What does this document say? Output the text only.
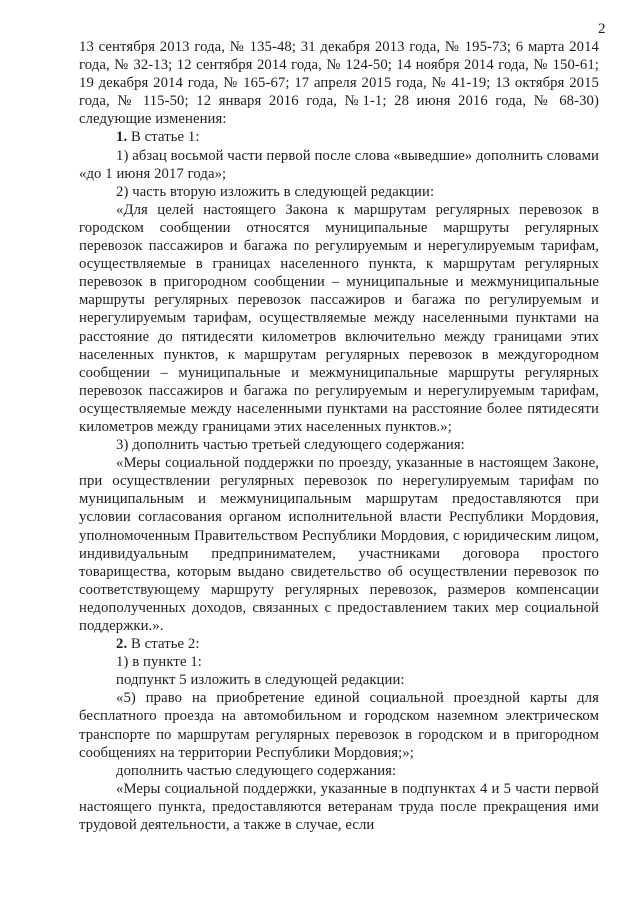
2

13 сентября 2013 года, № 135-48; 31 декабря 2013 года, № 195-73; 6 марта 2014 года, № 32-13; 12 сентября 2014 года, № 124-50; 14 ноября 2014 года, № 150-61; 19 декабря 2014 года, № 165-67; 17 апреля 2015 года, № 41-19; 13 октября 2015 года, № 115-50; 12 января 2016 года, №1-1; 28 июня 2016 года, № 68-30) следующие изменения:

1. В статье 1:

1) абзац восьмой части первой после слова «выведшие» дополнить словами «до 1 июня 2017 года»;

2) часть вторую изложить в следующей редакции:

«Для целей настоящего Закона к маршрутам регулярных перевозок в городском сообщении относятся муниципальные маршруты регулярных перевозок пассажиров и багажа по регулируемым и нерегулируемым тарифам, осуществляемые в границах населенного пункта, к маршрутам регулярных перевозок в пригородном сообщении – муниципальные и межмуниципальные маршруты регулярных перевозок пассажиров и багажа по регулируемым и нерегулируемым тарифам, осуществляемые между населенными пунктами на расстояние до пятидесяти километров включительно между границами этих населенных пунктов, к маршрутам регулярных перевозок в междугородном сообщении – муниципальные и межмуниципальные маршруты регулярных перевозок пассажиров и багажа по регулируемым и нерегулируемым тарифам, осуществляемые между населенными пунктами на расстояние более пятидесяти километров между границами этих населенных пунктов.»;

3) дополнить частью третьей следующего содержания:

«Меры социальной поддержки по проезду, указанные в настоящем Законе, при осуществлении регулярных перевозок по нерегулируемым тарифам по муниципальным и межмуниципальным маршрутам предоставляются при условии согласования органом исполнительной власти Республики Мордовия, уполномоченным Правительством Республики Мордовия, с юридическим лицом, индивидуальным предпринимателем, участниками договора простого товарищества, которым выдано свидетельство об осуществлении перевозок по соответствующему маршруту регулярных перевозок, размеров компенсации недополученных доходов, связанных с предоставлением таких мер социальной поддержки.».

2. В статье 2:

1) в пункте 1:

подпункт 5 изложить в следующей редакции:

«5) право на приобретение единой социальной проездной карты для бесплатного проезда на автомобильном и городском наземном электрическом транспорте по маршрутам регулярных перевозок в городском и в пригородном сообщениях на территории Республики Мордовия;»;

дополнить частью следующего содержания:

«Меры социальной поддержки, указанные в подпунктах 4 и 5 части первой настоящего пункта, предоставляются ветеранам труда после прекращения ими трудовой деятельности, а также в случае, если
